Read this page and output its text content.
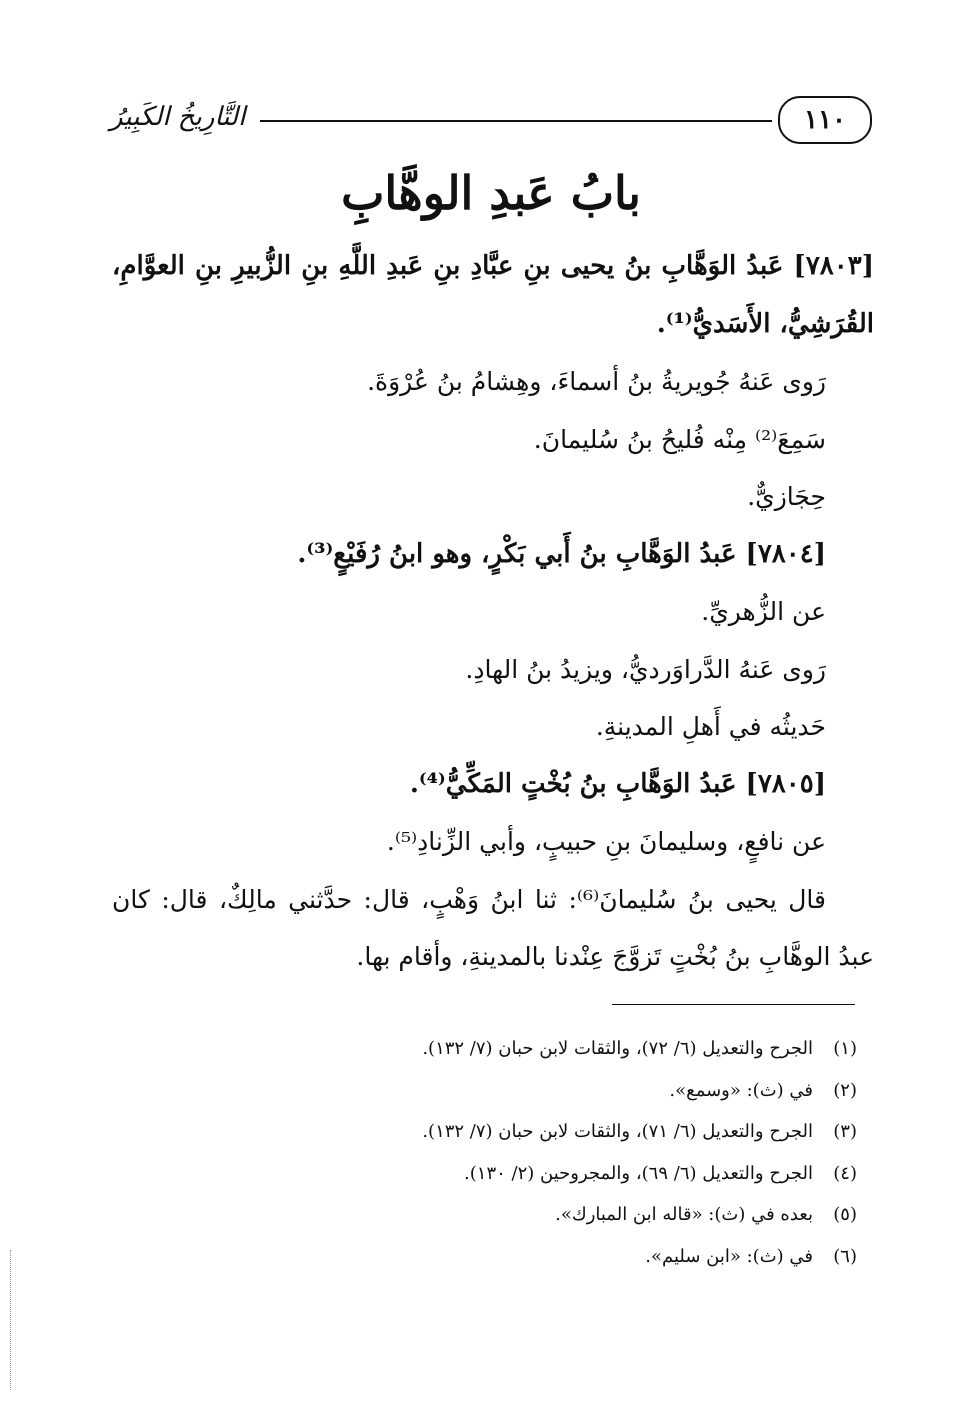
التَّارِيخُ الكَبِيرُ	١١٠
بابُ عَبدِ الوهَّابِ
[٧٨٠٣] عَبدُ الوَهَّابِ بنُ يحيى بنِ عبَّادِ بنِ عَبدِ اللَّهِ بنِ الزُّبيرِ بنِ العوَّامِ،
القُرَشِيُّ، الأَسَديُّ⁽¹⁾.
رَوى عَنهُ جُويريةُ بنُ أسماءَ، وهِشامُ بنُ عُرْوَةَ.
سَمِعَ⁽²⁾ مِنْه فُليحُ بنُ سُليمانَ.
حِجَازيٌّ.
[٧٨٠٤] عَبدُ الوَهَّابِ بنُ أَبي بَكْرٍ، وهو ابنُ رُفَيْعٍ⁽³⁾.
عن الزُّهريِّ.
رَوى عَنهُ الدَّراوَرديُّ، ويزيدُ بنُ الهادِ.
حَديثُه في أَهلِ المدينةِ.
[٧٨٠٥] عَبدُ الوَهَّابِ بنُ بُخْتٍ المَكِّيُّ⁽⁴⁾.
عن نافعٍ، وسليمانَ بنِ حبيبٍ، وأبي الزِّنادِ⁽⁵⁾.
قال يحيى بنُ سُليمانَ⁽⁶⁾: ثنا ابنُ وَهْبٍ، قال: حدَّثني مالِكٌ، قال: كان
عبدُ الوهَّابِ بنُ بُخْتٍ تَزوَّجَ عِنْدنا بالمدينةِ، وأقام بها.
(١)الجرح والتعديل (٦/ ٧٢)، والثقات لابن حبان (٧/ ١٣٢).
(٢)في (ث): «وسمع».
(٣)الجرح والتعديل (٦/ ٧١)، والثقات لابن حبان (٧/ ١٣٢).
(٤)الجرح والتعديل (٦/ ٦٩)، والمجروحين (٢/ ١٣٠).
(٥)بعده في (ث): «قاله ابن المبارك».
(٦)في (ث): «ابن سليم».
